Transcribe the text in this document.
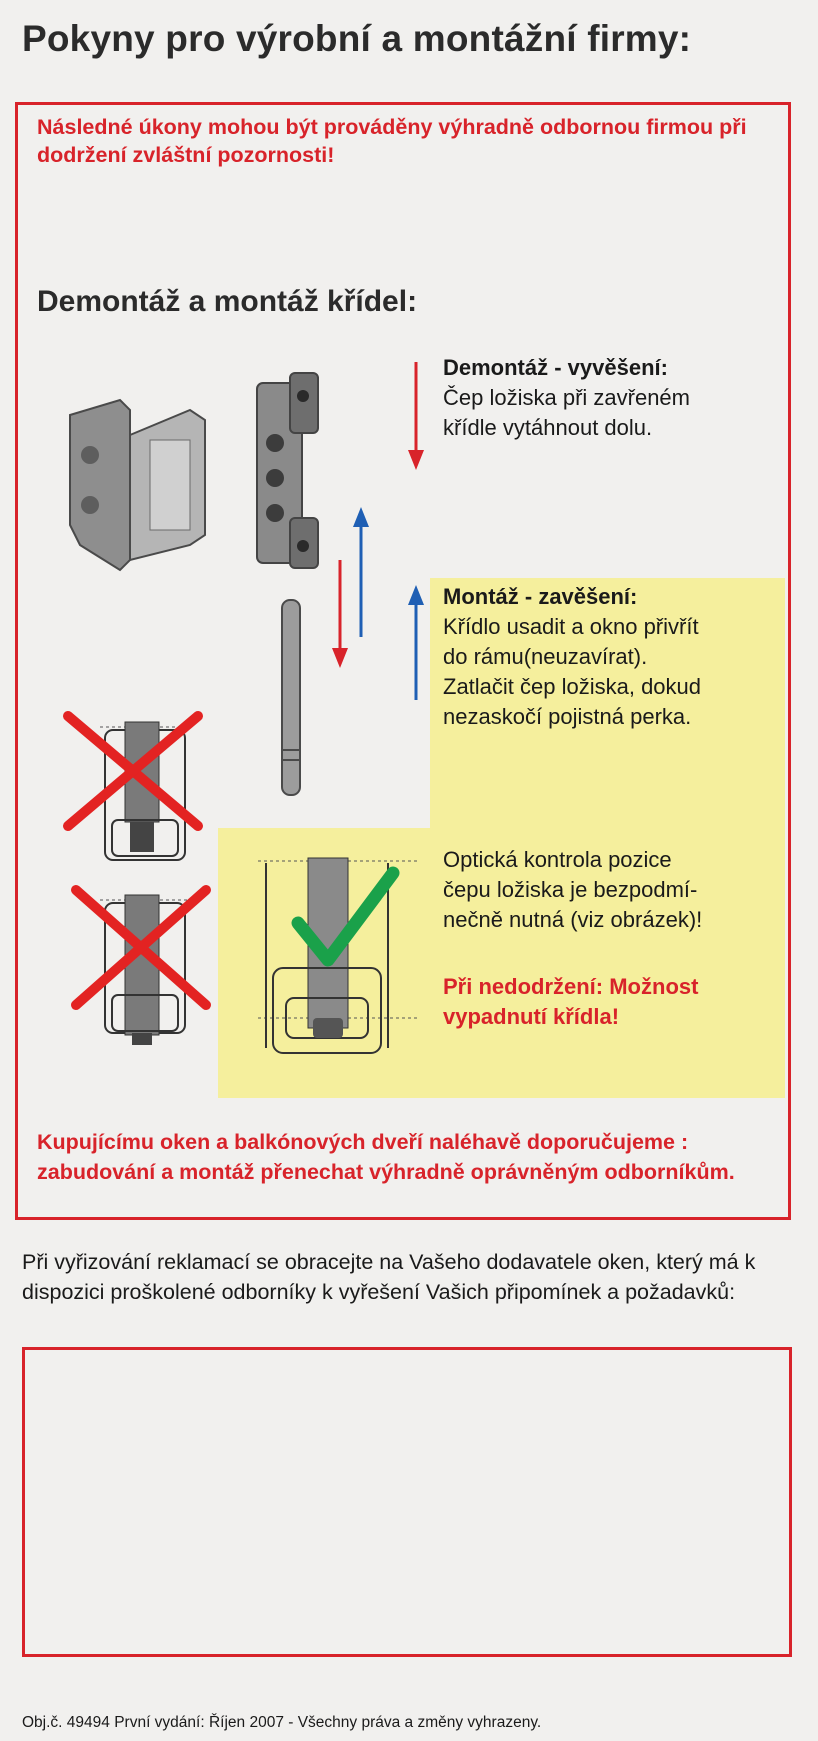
Pokyny pro výrobní a montážní firmy:
Následné úkony mohou být prováděny výhradně odbornou firmou při dodržení zvláštní pozornosti!
Demontáž a montáž křídel:
Demontáž - vyvěšení:
Čep ložiska při zavřeném
křídle vytáhnout dolu.
Montáž - zavěšení:
Křídlo usadit a okno přivřít
do rámu(neuzavírat).
Zatlačit čep ložiska, dokud
nezaskočí pojistná perka.
Optická kontrola pozice
čepu ložiska je bezpodmí-
nečně nutná (viz obrázek)!
Při nedodržení: Možnost
vypadnutí křídla!
Kupujícímu oken a balkónových dveří naléhavě doporučujeme : zabudování a montáž přenechat výhradně oprávněným odborníkům.
Při vyřizování reklamací se obracejte na Vašeho dodavatele oken, který má k dispozici proškolené odborníky k vyřešení Vašich připomínek a požadavků:
Obj.č. 49494 První vydání: Říjen 2007 - Všechny práva a změny vyhrazeny.
